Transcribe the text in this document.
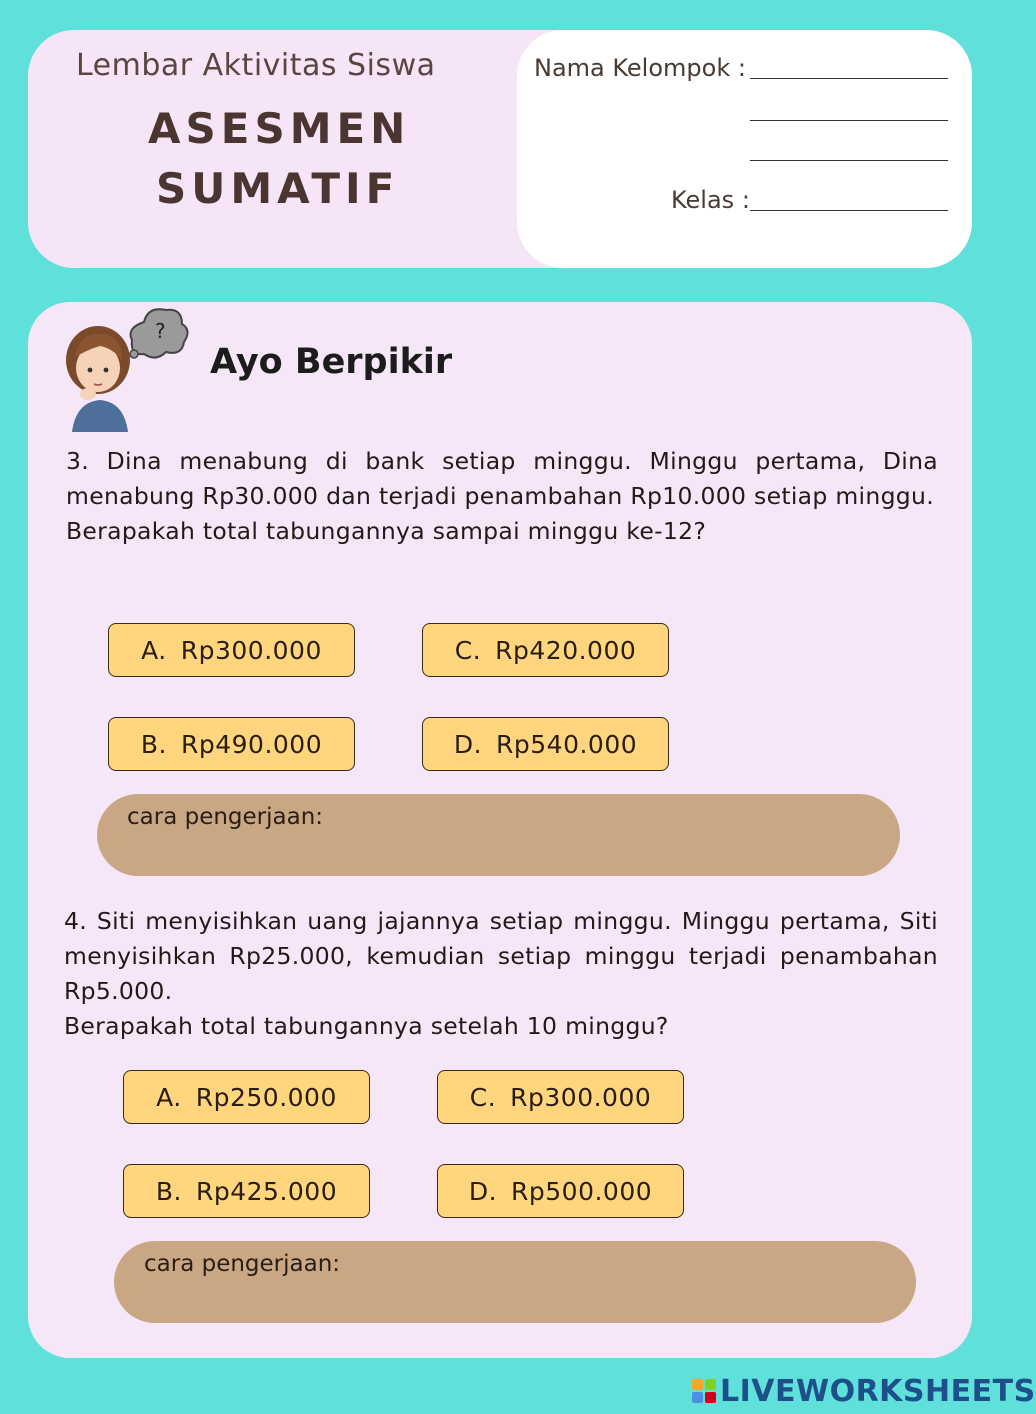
Lembar Aktivitas Siswa
ASESMEN
SUMATIF
Nama Kelompok :
Kelas :
?
Ayo Berpikir

3. Dina menabung di bank setiap minggu. Minggu pertama, Dina menabung Rp30.000 dan terjadi penambahan Rp10.000 setiap minggu.

Berapakah total tabungannya sampai minggu ke-12?

A. Rp300.000	C. Rp420.000
B. Rp490.000	D. Rp540.000
cara pengerjaan:

4. Siti menyisihkan uang jajannya setiap minggu. Minggu pertama, Siti menyisihkan Rp25.000, kemudian setiap minggu terjadi penambahan Rp5.000.

Berapakah total tabungannya setelah 10 minggu?

A. Rp250.000	C. Rp300.000
B. Rp425.000	D. Rp500.000
cara pengerjaan:
LIVEWORKSHEETS
